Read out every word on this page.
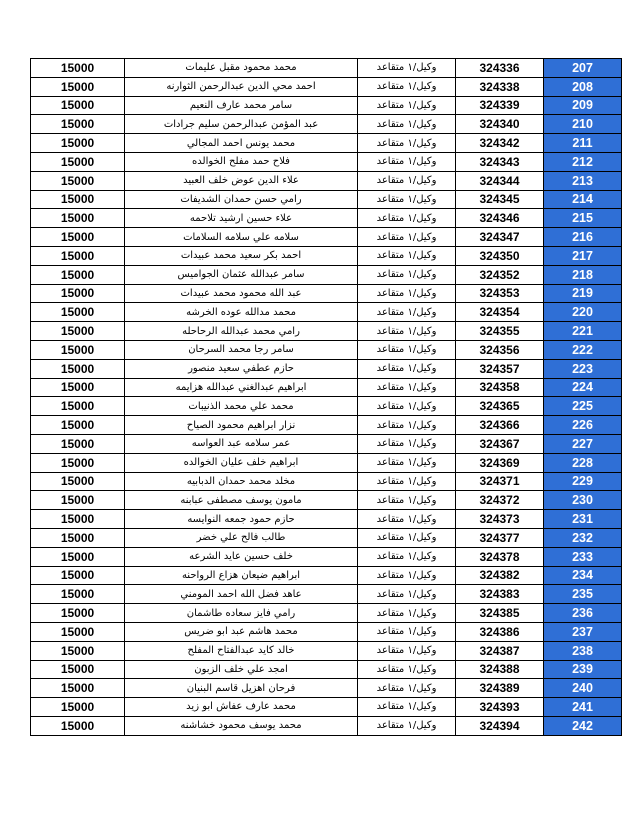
15000	محمد محمود مقبل عليمات	وكيل/١ متقاعد	324336	207
15000	احمد محي الدين عبدالرحمن الثوارنه	وكيل/١ متقاعد	324338	208
15000	سامر محمد عارف النعيم	وكيل/١ متقاعد	324339	209
15000	عبد المؤمن عبدالرحمن سليم جرادات	وكيل/١ متقاعد	324340	210
15000	محمد يونس احمد المجالي	وكيل/١ متقاعد	324342	211
15000	فلاح حمد مفلح الخوالده	وكيل/١ متقاعد	324343	212
15000	علاء الدين عوض خلف العبيد	وكيل/١ متقاعد	324344	213
15000	رامي حسن حمدان الشديفات	وكيل/١ متقاعد	324345	214
15000	علاء حسين ارشيد تلاحمه	وكيل/١ متقاعد	324346	215
15000	سلامه علي سلامه السلامات	وكيل/١ متقاعد	324347	216
15000	احمد بكر سعيد محمد عبيدات	وكيل/١ متقاعد	324350	217
15000	سامر عبدالله عثمان الجواميس	وكيل/١ متقاعد	324352	218
15000	عبد الله محمود محمد عبيدات	وكيل/١ متقاعد	324353	219
15000	محمد مدالله عوده الخرشه	وكيل/١ متقاعد	324354	220
15000	رامي محمد عبدالله الرحاحله	وكيل/١ متقاعد	324355	221
15000	سامر رجا محمد السرحان	وكيل/١ متقاعد	324356	222
15000	حازم عطفي سعيد منصور	وكيل/١ متقاعد	324357	223
15000	ابراهيم عبدالغني عبدالله هزايمه	وكيل/١ متقاعد	324358	224
15000	محمد علي محمد الذنيبات	وكيل/١ متقاعد	324365	225
15000	نزار ابراهيم محمود الصياح	وكيل/١ متقاعد	324366	226
15000	عمر سلامه عبد العواسه	وكيل/١ متقاعد	324367	227
15000	ابراهيم خلف عليان الخوالده	وكيل/١ متقاعد	324369	228
15000	مخلد محمد حمدان الدبابيه	وكيل/١ متقاعد	324371	229
15000	مامون يوسف مصطفى عبابنه	وكيل/١ متقاعد	324372	230
15000	حازم حمود جمعه النوايسه	وكيل/١ متقاعد	324373	231
15000	طالب فالح علي خضر	وكيل/١ متقاعد	324377	232
15000	خلف حسين عايد الشرعه	وكيل/١ متقاعد	324378	233
15000	ابراهيم ضيعان هزاع الرواحنه	وكيل/١ متقاعد	324382	234
15000	عاهد فضل الله احمد المومني	وكيل/١ متقاعد	324383	235
15000	رامي فايز سعاده طاشمان	وكيل/١ متقاعد	324385	236
15000	محمد هاشم عبد ابو ضريس	وكيل/١ متقاعد	324386	237
15000	خالد كايد عبدالفتاح المفلح	وكيل/١ متقاعد	324387	238
15000	امجد علي خلف الزبون	وكيل/١ متقاعد	324388	239
15000	فرحان اهزيل قاسم البنيان	وكيل/١ متقاعد	324389	240
15000	محمد عارف عفاش ابو زيد	وكيل/١ متقاعد	324393	241
15000	محمد يوسف محمود خشاشنه	وكيل/١ متقاعد	324394	242
